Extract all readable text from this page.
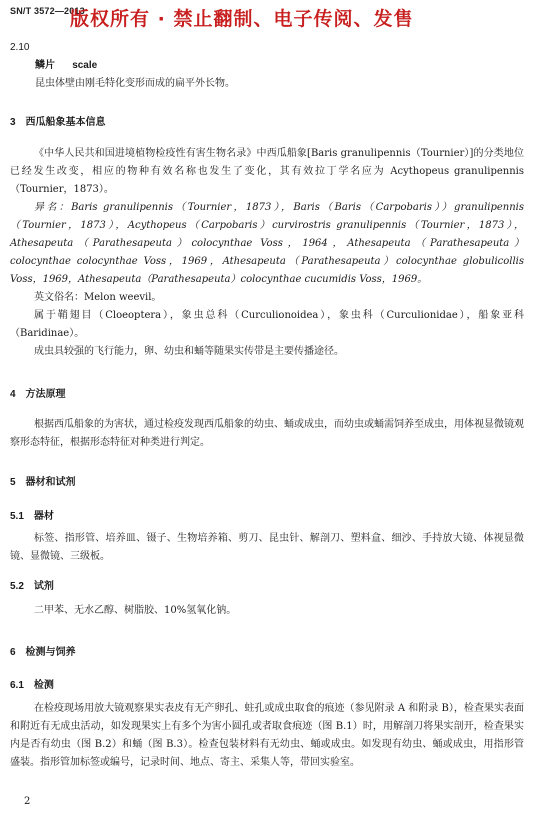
SN/T 3572—2013
版权所有 · 禁止翻制、电子传阅、发售
2.10
鳞片 scale
昆虫体壁由刚毛特化变形而成的扁平外长物。
3　西瓜船象基本信息
《中华人民共和国进境植物检疫性有害生物名录》中西瓜船象[Baris granulipennis（Tournier）]的分类地位已经发生改变，相应的物种有效名称也发生了变化，其有效拉丁学名应为 Acythopeus granulipennis（Tournier，1873）。
异名：Baris granulipennis（Tournier，1873），Baris（Baris（Carpobaris））granulipennis（Tournier，1873），Acythopeus（Carpobaris）curvirostris granulipennis（Tournier，1873），Athesapeuta（Parathesapeuta）colocynthae Voss，1964，Athesapeuta（Parathesapeuta）colocynthae colocynthae Voss，1969，Athesapeuta（Parathesapeuta）colocynthae globulicollis Voss，1969，Athesapeuta（Parathesapeuta）colocynthae cucumidis Voss，1969。
英文俗名：Melon weevil。
属于鞘翅目（Cloeoptera），象虫总科（Curculionoidea），象虫科（Curculionidae），船象亚科（Baridinae）。
成虫具较强的飞行能力，卵、幼虫和蛹等随果实传带是主要传播途径。
4　方法原理
根据西瓜船象的为害状，通过检疫发现西瓜船象的幼虫、蛹或成虫，而幼虫或蛹需饲养至成虫，用体视显微镜观察形态特征，根据形态特征对种类进行判定。
5　器材和试剂
5.1　器材
标签、指形管、培养皿、镊子、生物培养箱、剪刀、昆虫针、解剖刀、塑料盒、细沙、手持放大镜、体视显微镜、显微镜、三级板。
5.2　试剂
二甲苯、无水乙醇、树脂胶、10%氢氧化钠。
6　检测与饲养
6.1　检测
在检疫现场用放大镜观察果实表皮有无产卵孔、蛀孔或成虫取食的痕迹（参见附录 A 和附录 B），检查果实表面和附近有无成虫活动，如发现果实上有多个为害小圆孔或者取食痕迹（图 B.1）时，用解剖刀将果实剖开，检查果实内是否有幼虫（图 B.2）和蛹（图 B.3）。检查包装材料有无幼虫、蛹或成虫。如发现有幼虫、蛹或成虫，用指形管盛装。指形管加标签或编号，记录时间、地点、寄主、采集人等，带回实验室。
2
